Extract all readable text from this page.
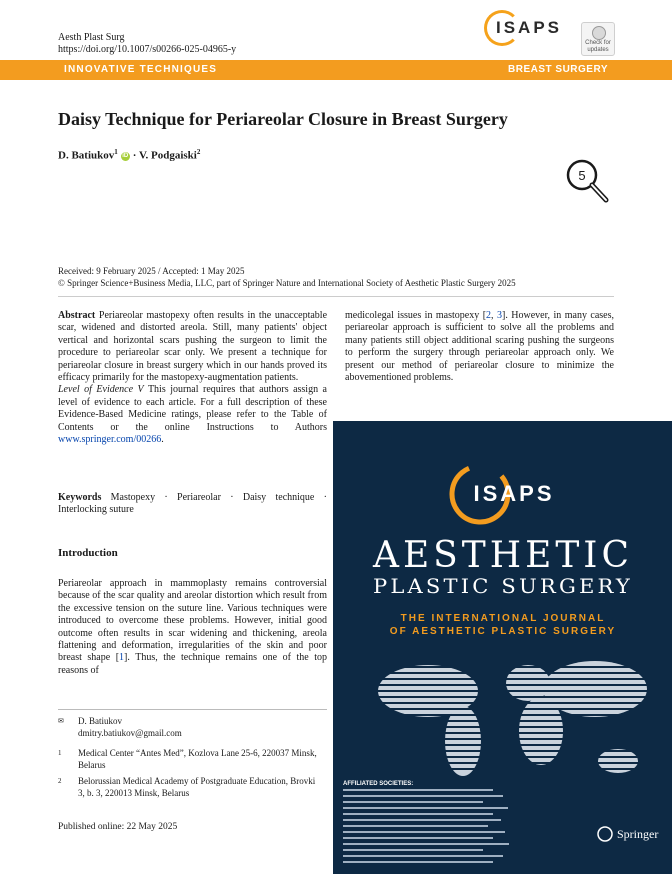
Aesth Plast Surg
https://doi.org/10.1007/s00266-025-04965-y
ISAPS
Check for
updates
INNOVATIVE TECHNIQUES	BREAST SURGERY
Daisy Technique for Periareolar Closure in Breast Surgery
D. Batiukov$^1$ iD · V. Podgaiski$^2$
5
Received: 9 February 2025 / Accepted: 1 May 2025
© Springer Science+Business Media, LLC, part of Springer Nature and International Society of Aesthetic Plastic Surgery 2025
Abstract Periareolar mastopexy often results in the unacceptable scar, widened and distorted areola. Still, many patients' object vertical and horizontal scars pushing the surgeon to limit the procedure to periareolar scar only. We present a technique for periareolar closure in breast surgery which in our hands proved its efficacy primarily for the mastopexy-augmentation patients.
Level of Evidence V This journal requires that authors assign a level of evidence to each article. For a full description of these Evidence-Based Medicine ratings, please refer to the Table of Contents or the online Instructions to Authors www.springer.com/00266.
Keywords Mastopexy · Periareolar · Daisy technique · Interlocking suture
Introduction
Periareolar approach in mammoplasty remains controversial because of the scar quality and areolar distortion which result from the excessive tension on the suture line. Various techniques were introduced to overcome these problems. However, initial good outcome often results in scar widening and thickening, areola flattening and deformation, irregularities of the skin and poor breast shape [1]. Thus, the technique remains one of the top reasons of
medicolegal issues in mastopexy [2, 3]. However, in many cases, periareolar approach is sufficient to solve all the problems and many patients still object additional scaring pushing the surgeons to perform the surgery through periareolar approach only. We present our method of periareolar closure to minimize the abovementioned problems.
✉ D. Batiukov
dmitry.batiukov@gmail.com
1 Medical Center “Antes Med”, Kozlova Lane 25-6, 220037 Minsk, Belarus
2 Belorussian Medical Academy of Postgraduate Education, Brovki 3, b. 3, 220013 Minsk, Belarus
Published online: 22 May 2025
ISAPS
AESTHETIC
PLASTIC SURGERY
THE INTERNATIONAL JOURNAL
OF AESTHETIC PLASTIC SURGERY
AFFILIATED SOCIETIES:
Springer
